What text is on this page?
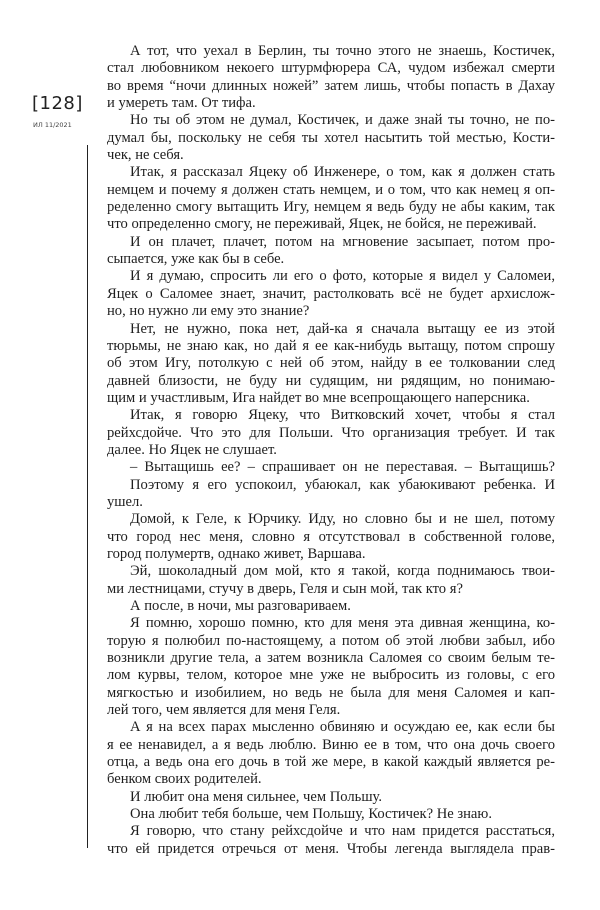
[128]
ИЛ 11/2021
А тот, что уехал в Берлин, ты точно этого не знаешь, Костичек,
стал любовником некоего штурмфюрера СА, чудом избежал смерти
во время “ночи длинных ножей” затем лишь, чтобы попасть в Дахау
и умереть там. От тифа.
Но ты об этом не думал, Костичек, и даже знай ты точно, не по-
думал бы, поскольку не себя ты хотел насытить той местью, Кости-
чек, не себя.
Итак, я рассказал Яцеку об Инженере, о том, как я должен стать
немцем и почему я должен стать немцем, и о том, что как немец я оп-
ределенно смогу вытащить Игу, немцем я ведь буду не абы каким, так
что определенно смогу, не переживай, Яцек, не бойся, не переживай.
И он плачет, плачет, потом на мгновение засыпает, потом про-
сыпается, уже как бы в себе.
И я думаю, спросить ли его о фото, которые я видел у Саломеи,
Яцек о Саломее знает, значит, растолковать всё не будет архислож-
но, но нужно ли ему это знание?
Нет, не нужно, пока нет, дай-ка я сначала вытащу ее из этой
тюрьмы, не знаю как, но дай я ее как-нибудь вытащу, потом спрошу
об этом Игу, потолкую с ней об этом, найду в ее толковании след
давней близости, не буду ни судящим, ни рядящим, но понимаю-
щим и участливым, Ига найдет во мне всепрощающего наперсника.
Итак, я говорю Яцеку, что Витковский хочет, чтобы я стал
рейхсдойче. Что это для Польши. Что организация требует. И так
далее. Но Яцек не слушает.
– Вытащишь ее? – спрашивает он не переставая. – Вытащишь?
Поэтому я его успокоил, убаюкал, как убаюкивают ребенка. И
ушел.
Домой, к Геле, к Юрчику. Иду, но словно бы и не шел, потому
что город нес меня, словно я отсутствовал в собственной голове,
город полумертв, однако живет, Варшава.
Эй, шоколадный дом мой, кто я такой, когда поднимаюсь твои-
ми лестницами, стучу в дверь, Геля и сын мой, так кто я?
А после, в ночи, мы разговариваем.
Я помню, хорошо помню, кто для меня эта дивная женщина, ко-
торую я полюбил по-настоящему, а потом об этой любви забыл, ибо
возникли другие тела, а затем возникла Саломея со своим белым те-
лом курвы, телом, которое мне уже не выбросить из головы, с его
мягкостью и изобилием, но ведь не была для меня Саломея и кап-
лей того, чем является для меня Геля.
А я на всех парах мысленно обвиняю и осуждаю ее, как если бы
я ее ненавидел, а я ведь люблю. Виню ее в том, что она дочь своего
отца, а ведь она его дочь в той же мере, в какой каждый является ре-
бенком своих родителей.
И любит она меня сильнее, чем Польшу.
Она любит тебя больше, чем Польшу, Костичек? Не знаю.
Я говорю, что стану рейхсдойче и что нам придется расстаться,
что ей придется отречься от меня. Чтобы легенда выглядела прав-
